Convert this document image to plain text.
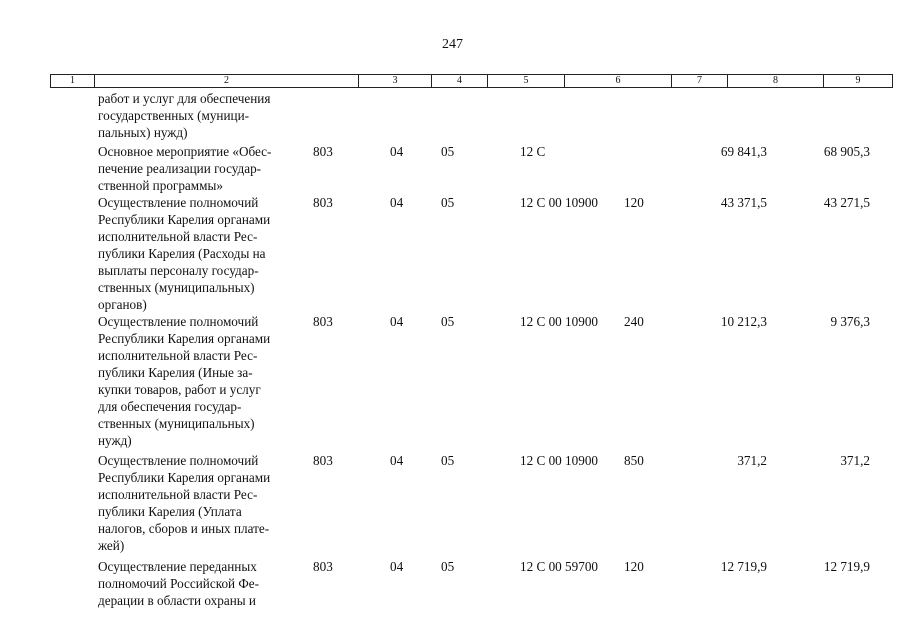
247
1	2	3	4	5	6	7	8	9
работ и услуг для обеспечения
государственных (муници-
пальных) нужд)
Основное мероприятие «Обес-
печение реализации государ-
ственной программы»
803	04	05	12 С	69 841,3	68 905,3
Осуществление полномочий
Республики Карелия органами
исполнительной власти Рес-
публики Карелия (Расходы на
выплаты персоналу государ-
ственных (муниципальных)
органов)
803	04	05	12 С 00 10900 120	43 371,5	43 271,5
Осуществление полномочий
Республики Карелия органами
исполнительной власти Рес-
публики Карелия (Иные за-
купки товаров, работ и услуг
для обеспечения государ-
ственных (муниципальных)
нужд)
803	04	05	12 С 00 10900 240	10 212,3	9 376,3
Осуществление полномочий
Республики Карелия органами
исполнительной власти Рес-
публики Карелия (Уплата
налогов, сборов и иных плате-
жей)
803	04	05	12 С 00 10900 850	371,2	371,2
Осуществление переданных
полномочий Российской Фе-
дерации в области охраны и
803	04	05	12 С 00 59700 120	12 719,9	12 719,9
